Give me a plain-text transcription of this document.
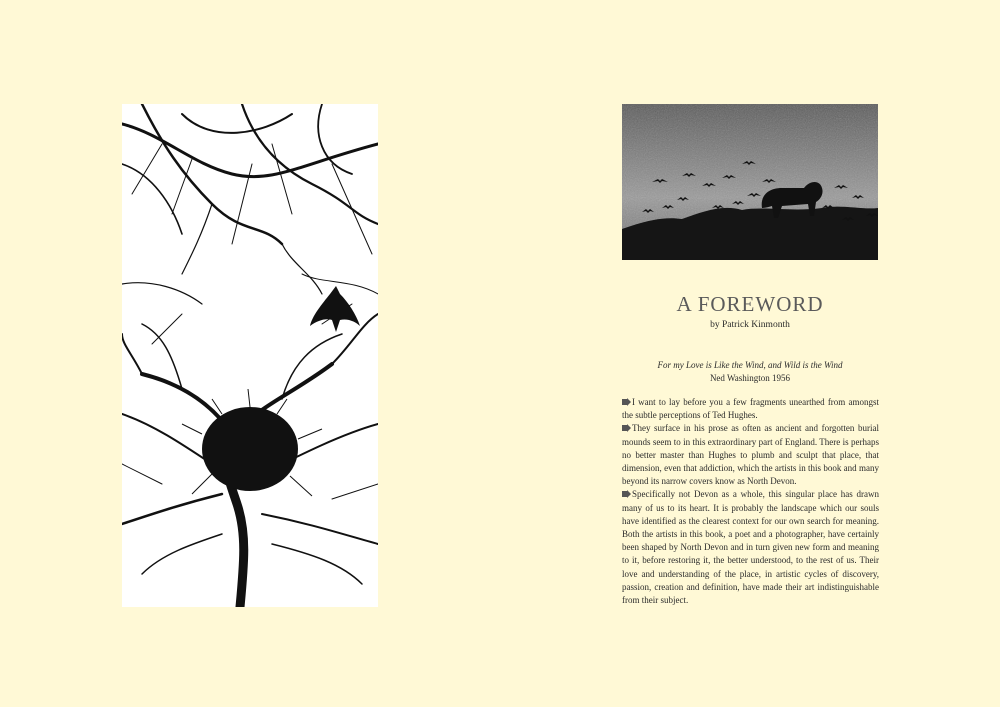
A FOREWORD
by Patrick Kinmonth
For my Love is Like the Wind, and Wild is the Wind
Ned Washington 1956

I want to lay before you a few fragments unearthed from amongst the subtle perceptions of Ted Hughes.

They surface in his prose as often as ancient and forgotten burial mounds seem to in this extraordinary part of England. There is perhaps no better master than Hughes to plumb and sculpt that place, that dimension, even that addiction, which the artists in this book and many beyond its narrow covers know as North Devon.

Specifically not Devon as a whole, this singular place has drawn many of us to its heart. It is probably the landscape which our souls have identified as the clearest context for our own search for meaning. Both the artists in this book, a poet and a photographer, have certainly been shaped by North Devon and in turn given new form and meaning to it, before restoring it, the better understood, to the rest of us. Their love and understanding of the place, in artistic cycles of discovery, passion, creation and definition, have made their art indistinguishable from their subject.
